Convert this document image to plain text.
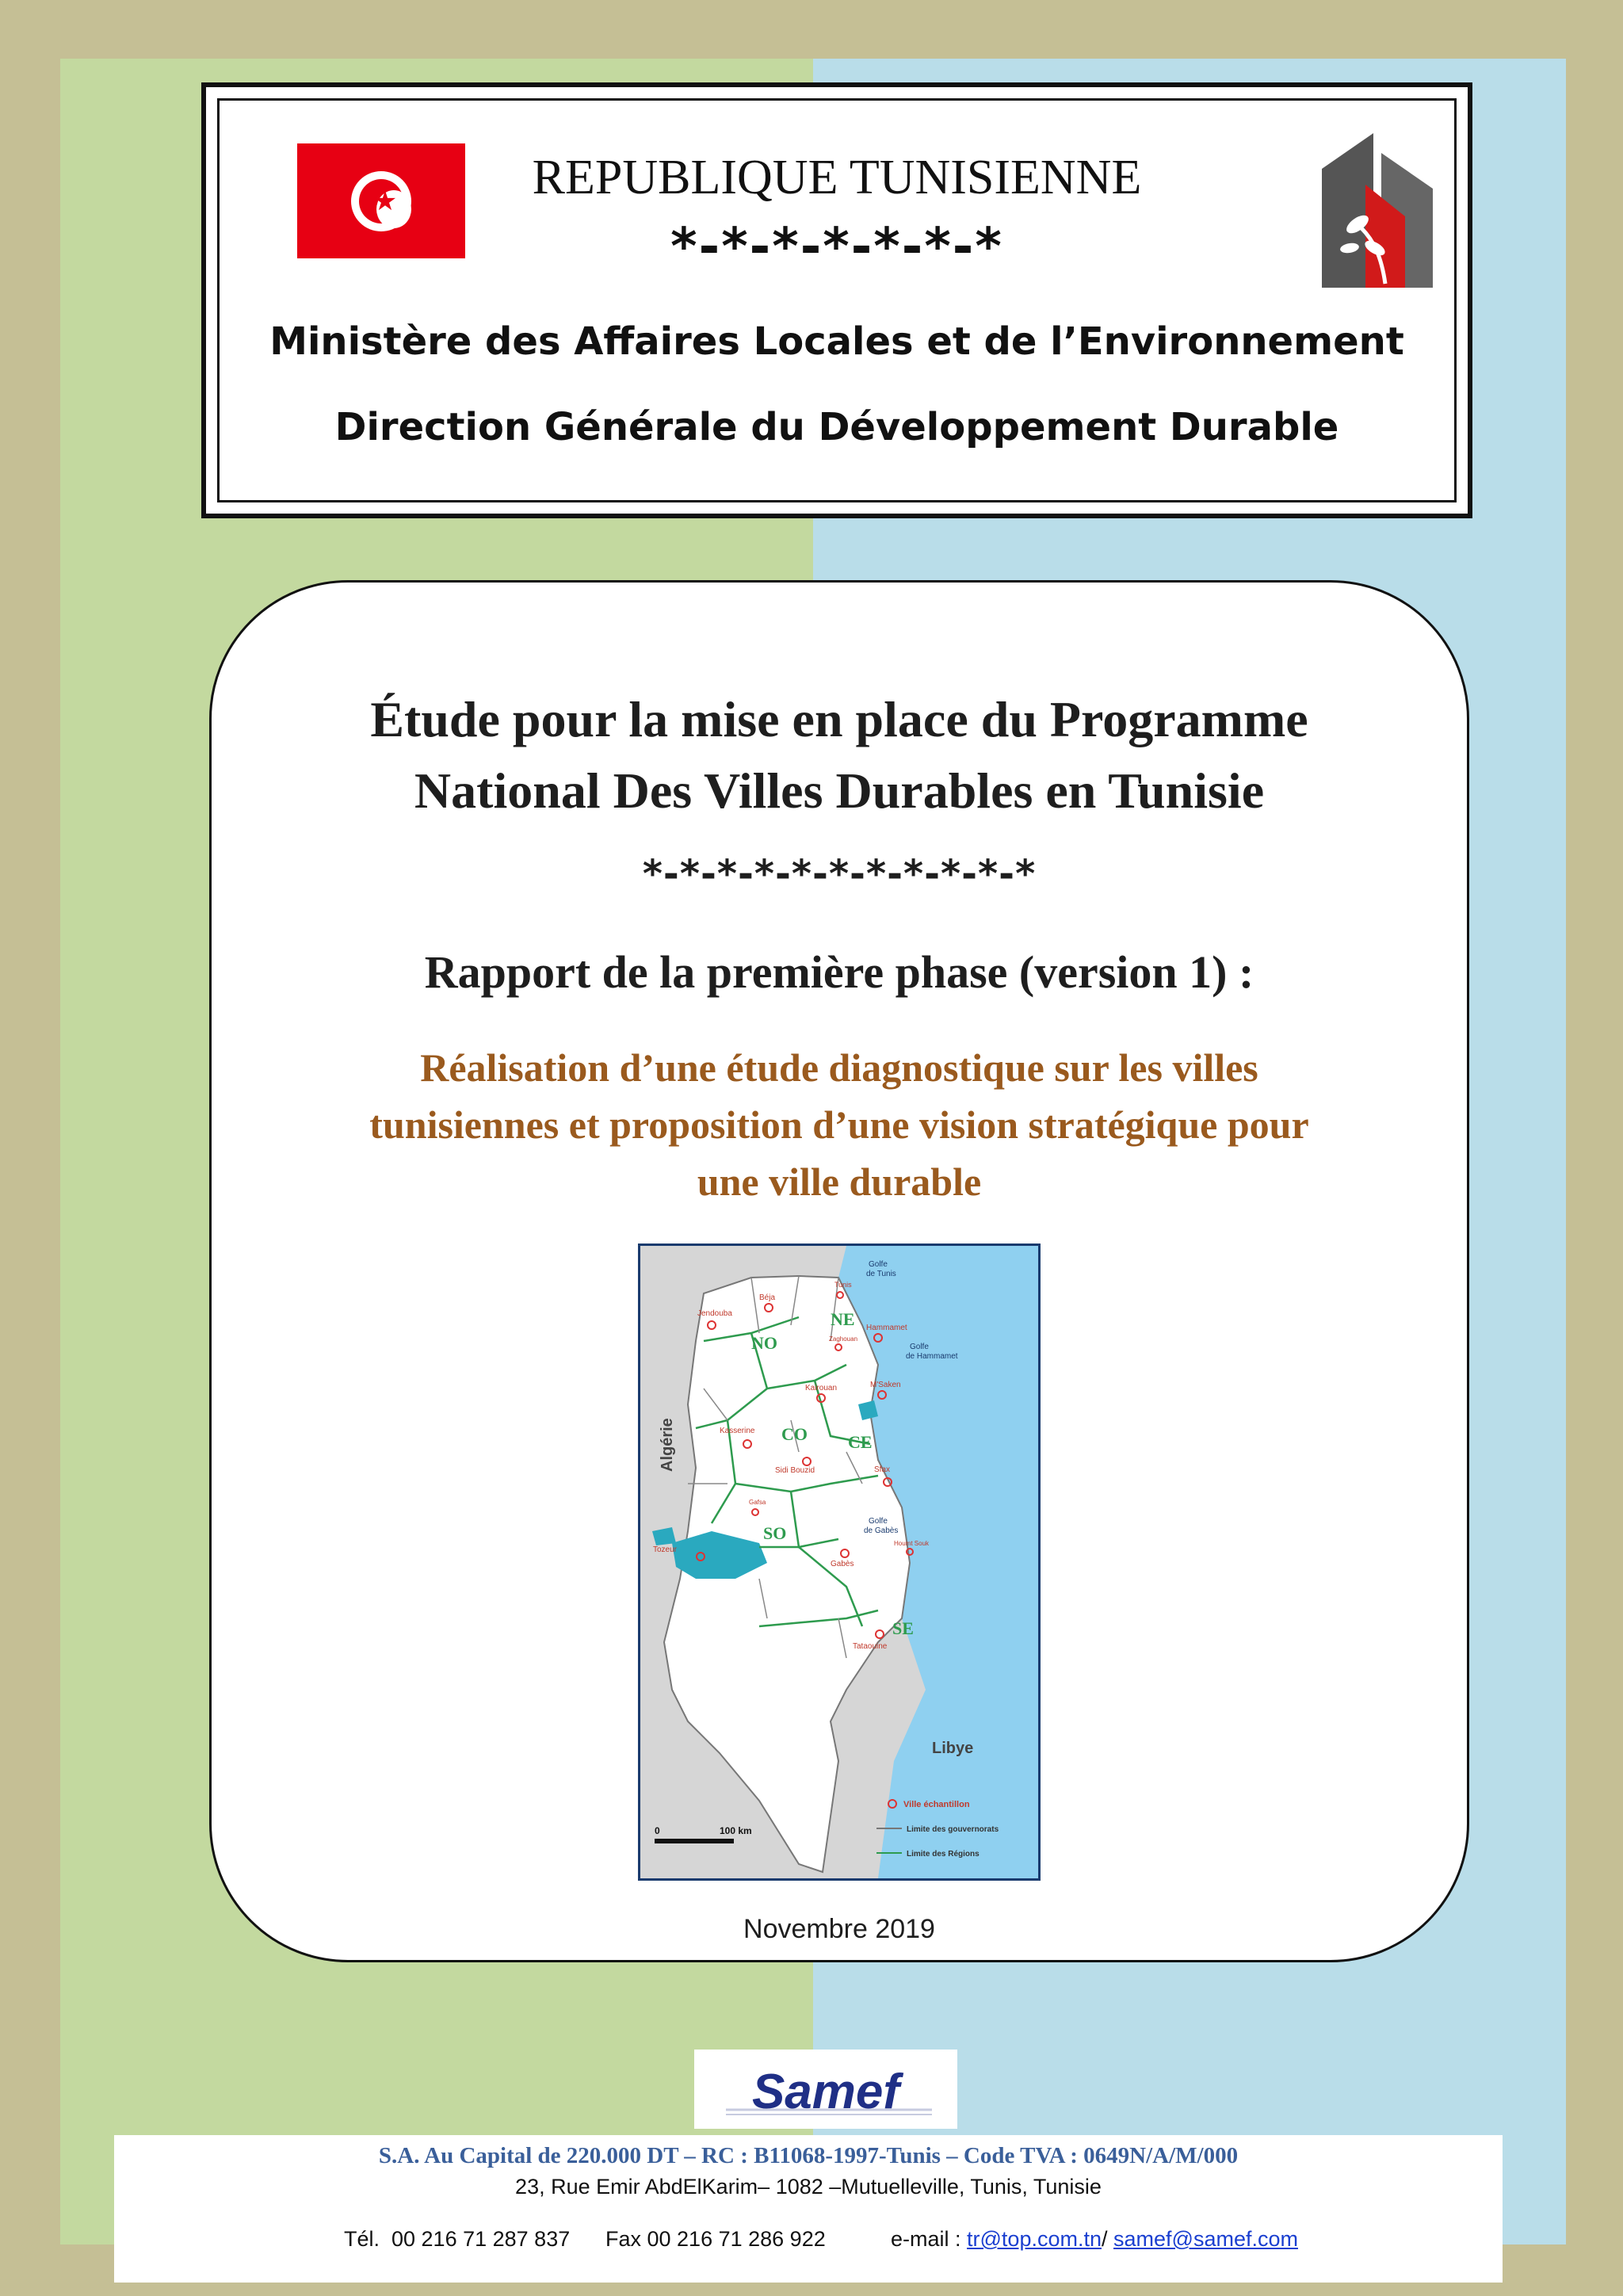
★	REPUBLIQUE TUNISIENNE
*-*-*-*-*-*-*
Ministère des Affaires Locales et de l’Environnement
Direction Générale du Développement Durable
Étude pour la mise en place du Programme
National Des Villes Durables en Tunisie
*-*-*-*-*-*-*-*-*-*-*
Rapport de la première phase (version 1) :
Réalisation d’une étude diagnostique sur les villes
tunisiennes et proposition d’une vision stratégique pour
une ville durable
Golfe
de Tunis
Béja
Tunis
Jendouba	NE Hammamet
Zaghouan
NO	Golfe
de Hammamet
Kairouan	M'Saken
Algérie	Kasserine CO CE
Sidi Bouzid	Sfax
Gafsa
SO
Golfe
de Gabès
Tozeur
Houmt Souk
Gabès
SE
Tataouine
Libye
0	100 km
Ville échantillon
Limite des gouvernorats
Limite des Régions
Novembre 2019
Samef
S.A. Au Capital de 220.000 DT – RC : B11068-1997-Tunis – Code TVA : 0649N/A/M/000
23, Rue Emir AbdElKarim– 1082 –Mutuelleville, Tunis, Tunisie
Tél.  00 216 71 287 837 Fax 00 216 71 286 922	e-mail : tr@top.com.tn/ samef@samef.com
